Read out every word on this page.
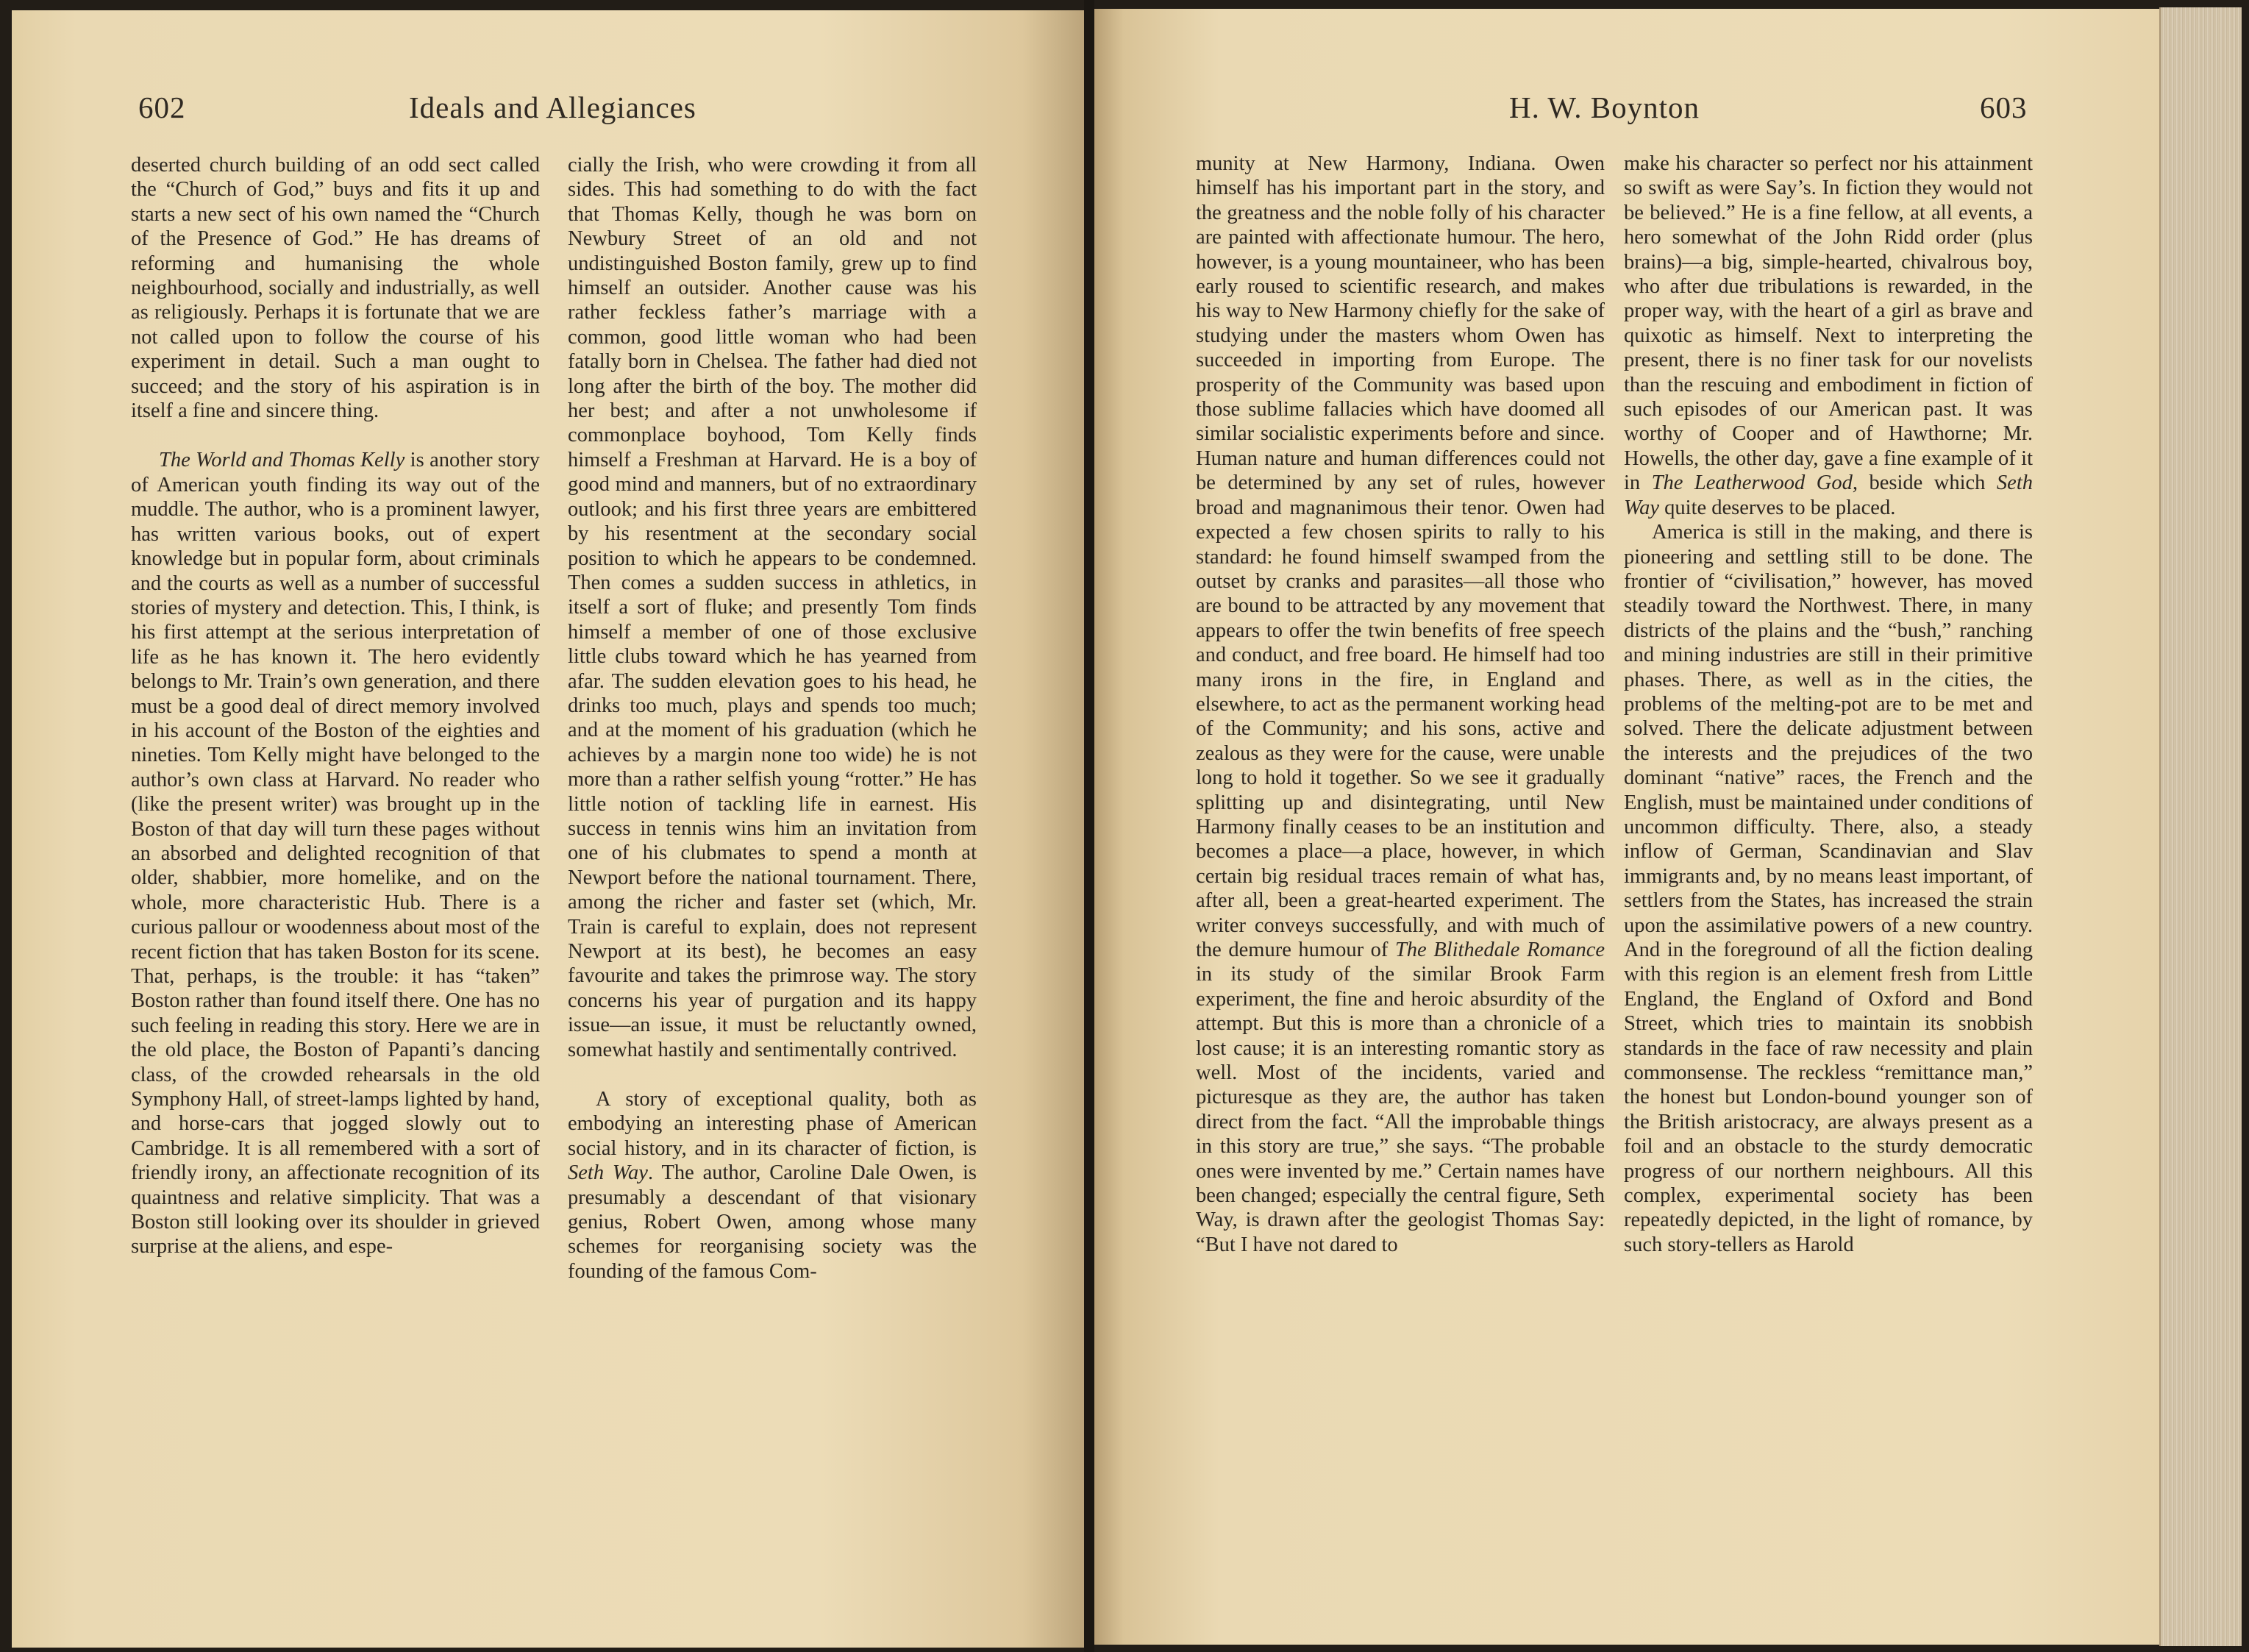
602	Ideals and Allegiances	H. W. Boynton	603

deserted church building of an odd sect called the “Church of God,” buys and fits it up and starts a new sect of his own named the “Church of the Presence of God.” He has dreams of reforming and humanising the whole neighbourhood, socially and industrially, as well as religiously. Perhaps it is fortunate that we are not called upon to follow the course of his experiment in detail. Such a man ought to succeed; and the story of his aspiration is in itself a fine and sincere thing.

The World and Thomas Kelly is another story of American youth finding its way out of the muddle. The author, who is a prominent lawyer, has written various books, out of expert knowledge but in popular form, about criminals and the courts as well as a number of successful stories of mystery and detection. This, I think, is his first attempt at the serious interpretation of life as he has known it. The hero evidently belongs to Mr. Train’s own generation, and there must be a good deal of direct memory involved in his account of the Boston of the eighties and nineties. Tom Kelly might have belonged to the author’s own class at Harvard. No reader who (like the present writer) was brought up in the Boston of that day will turn these pages without an absorbed and delighted recognition of that older, shabbier, more homelike, and on the whole, more characteristic Hub. There is a curious pallour or woodenness about most of the recent fiction that has taken Boston for its scene. That, perhaps, is the trouble: it has “taken” Boston rather than found itself there. One has no such feeling in reading this story. Here we are in the old place, the Boston of Papanti’s dancing class, of the crowded rehearsals in the old Symphony Hall, of street-lamps lighted by hand, and horse-cars that jogged slowly out to Cambridge. It is all remembered with a sort of friendly irony, an affectionate recognition of its quaintness and relative simplicity. That was a Boston still looking over its shoulder in grieved surprise at the aliens, and espe-

cially the Irish, who were crowding it from all sides. This had something to do with the fact that Thomas Kelly, though he was born on Newbury Street of an old and not undistinguished Boston family, grew up to find himself an outsider. Another cause was his rather feckless father’s marriage with a common, good little woman who had been fatally born in Chelsea. The father had died not long after the birth of the boy. The mother did her best; and after a not unwholesome if commonplace boyhood, Tom Kelly finds himself a Freshman at Harvard. He is a boy of good mind and manners, but of no extraordinary outlook; and his first three years are embittered by his resentment at the secondary social position to which he appears to be condemned. Then comes a sudden success in athletics, in itself a sort of fluke; and presently Tom finds himself a member of one of those exclusive little clubs toward which he has yearned from afar. The sudden elevation goes to his head, he drinks too much, plays and spends too much; and at the moment of his graduation (which he achieves by a margin none too wide) he is not more than a rather selfish young “rotter.” He has little notion of tackling life in earnest. His success in tennis wins him an invitation from one of his clubmates to spend a month at Newport before the national tournament. There, among the richer and faster set (which, Mr. Train is careful to explain, does not represent Newport at its best), he becomes an easy favourite and takes the primrose way. The story concerns his year of purgation and its happy issue—an issue, it must be reluctantly owned, somewhat hastily and sentimentally contrived.

A story of exceptional quality, both as embodying an interesting phase of American social history, and in its character of fiction, is Seth Way. The author, Caroline Dale Owen, is presumably a descendant of that visionary genius, Robert Owen, among whose many schemes for reorganising society was the founding of the famous Com-

munity at New Harmony, Indiana. Owen himself has his important part in the story, and the greatness and the noble folly of his character are painted with affectionate humour. The hero, however, is a young mountaineer, who has been early roused to scientific research, and makes his way to New Harmony chiefly for the sake of studying under the masters whom Owen has succeeded in importing from Europe. The prosperity of the Community was based upon those sublime fallacies which have doomed all similar socialistic experiments before and since. Human nature and human differences could not be determined by any set of rules, however broad and magnanimous their tenor. Owen had expected a few chosen spirits to rally to his standard: he found himself swamped from the outset by cranks and parasites—all those who are bound to be attracted by any movement that appears to offer the twin benefits of free speech and conduct, and free board. He himself had too many irons in the fire, in England and elsewhere, to act as the permanent working head of the Community; and his sons, active and zealous as they were for the cause, were unable long to hold it together. So we see it gradually splitting up and disintegrating, until New Harmony finally ceases to be an institution and becomes a place—a place, however, in which certain big residual traces remain of what has, after all, been a great-hearted experiment. The writer conveys successfully, and with much of the demure humour of The Blithedale Romance in its study of the similar Brook Farm experiment, the fine and heroic absurdity of the attempt. But this is more than a chronicle of a lost cause; it is an interesting romantic story as well. Most of the incidents, varied and picturesque as they are, the author has taken direct from the fact. “All the improbable things in this story are true,” she says. “The probable ones were invented by me.” Certain names have been changed; especially the central figure, Seth Way, is drawn after the geologist Thomas Say: “But I have not dared to

make his character so perfect nor his attainment so swift as were Say’s. In fiction they would not be believed.” He is a fine fellow, at all events, a hero somewhat of the John Ridd order (plus brains)—a big, simple-hearted, chivalrous boy, who after due tribulations is rewarded, in the proper way, with the heart of a girl as brave and quixotic as himself. Next to interpreting the present, there is no finer task for our novelists than the rescuing and embodiment in fiction of such episodes of our American past. It was worthy of Cooper and of Hawthorne; Mr. Howells, the other day, gave a fine example of it in The Leatherwood God, beside which Seth Way quite deserves to be placed.

America is still in the making, and there is pioneering and settling still to be done. The frontier of “civilisation,” however, has moved steadily toward the Northwest. There, in many districts of the plains and the “bush,” ranching and mining industries are still in their primitive phases. There, as well as in the cities, the problems of the melting-pot are to be met and solved. There the delicate adjustment between the interests and the prejudices of the two dominant “native” races, the French and the English, must be maintained under conditions of uncommon difficulty. There, also, a steady inflow of German, Scandinavian and Slav immigrants and, by no means least important, of settlers from the States, has increased the strain upon the assimilative powers of a new country. And in the foreground of all the fiction dealing with this region is an element fresh from Little England, the England of Oxford and Bond Street, which tries to maintain its snobbish standards in the face of raw necessity and plain commonsense. The reckless “remittance man,” the honest but London-bound younger son of the British aristocracy, are always present as a foil and an obstacle to the sturdy democratic progress of our northern neighbours. All this complex, experimental society has been repeatedly depicted, in the light of romance, by such story-tellers as Harold
